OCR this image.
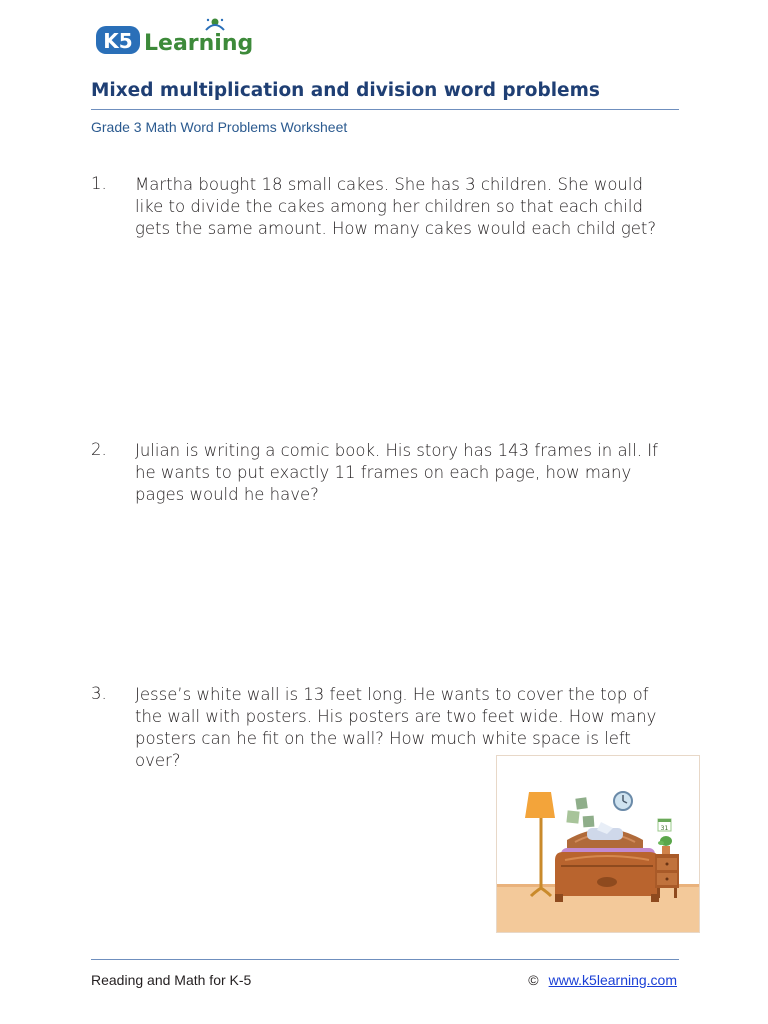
K5 Learning
Mixed multiplication and division word problems
Grade 3 Math Word Problems Worksheet
1. Martha bought 18 small cakes. She has 3 children. She would like to divide the cakes among her children so that each child gets the same amount. How many cakes would each child get?
2. Julian is writing a comic book. His story has 143 frames in all. If he wants to put exactly 11 frames on each page, how many pages would he have?
3. Jesse’s white wall is 13 feet long. He wants to cover the top of the wall with posters. His posters are two feet wide. How many posters can he fit on the wall? How much white space is left over?
31
Reading and Math for K-5	© www.k5learning.com
